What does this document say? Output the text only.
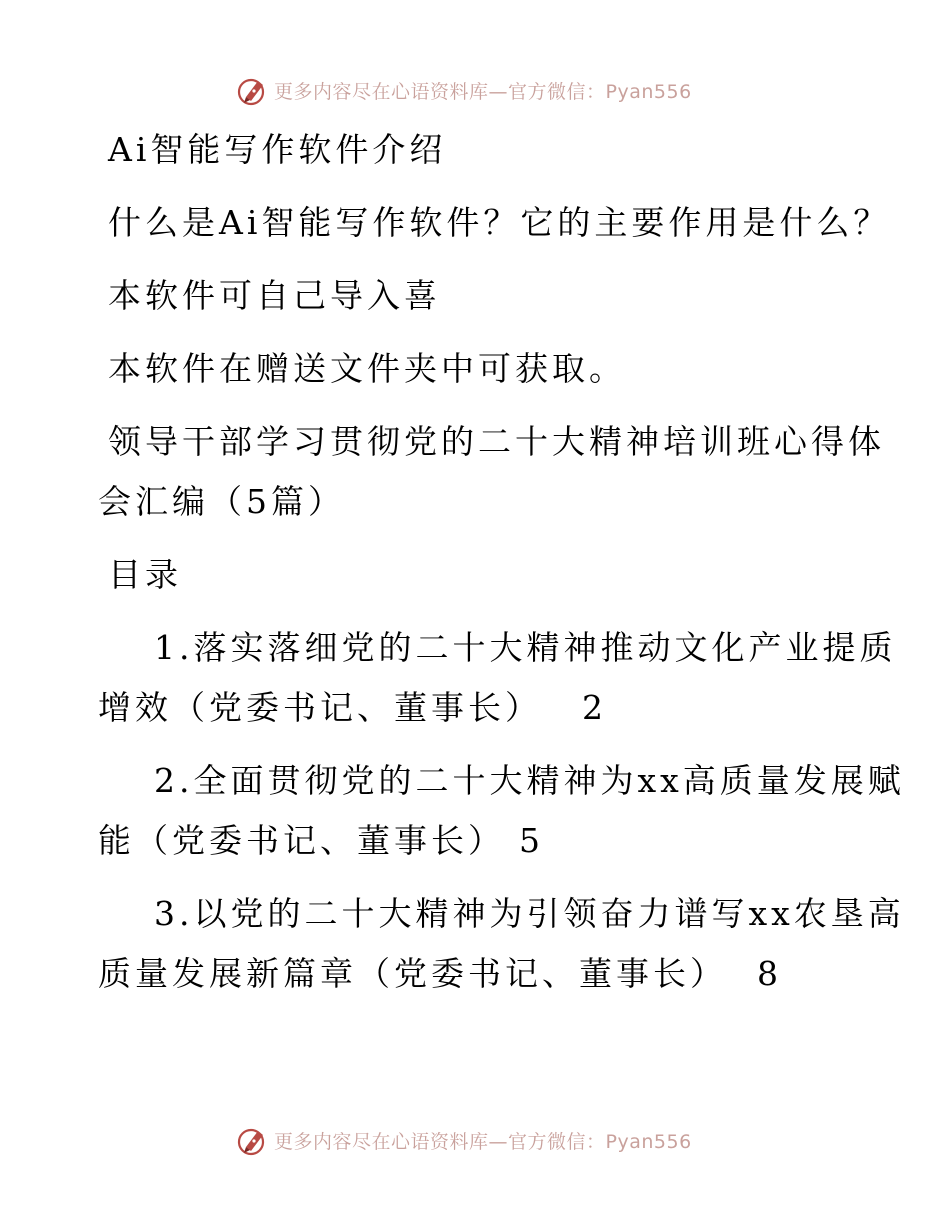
更多内容尽在心语资料库—官方微信：Pyan556
Ai智能写作软件介绍
什么是Ai智能写作软件？它的主要作用是什么？
本软件可自己导入喜
本软件在赠送文件夹中可获取。
领导干部学习贯彻党的二十大精神培训班心得体
会汇编（5篇）
目录
1.落实落细党的二十大精神推动文化产业提质
增效（党委书记、董事长） 2
2.全面贯彻党的二十大精神为xx高质量发展赋
能（党委书记、董事长） 5
3.以党的二十大精神为引领奋力谱写xx农垦高
质量发展新篇章（党委书记、董事长） 8
更多内容尽在心语资料库—官方微信：Pyan556
